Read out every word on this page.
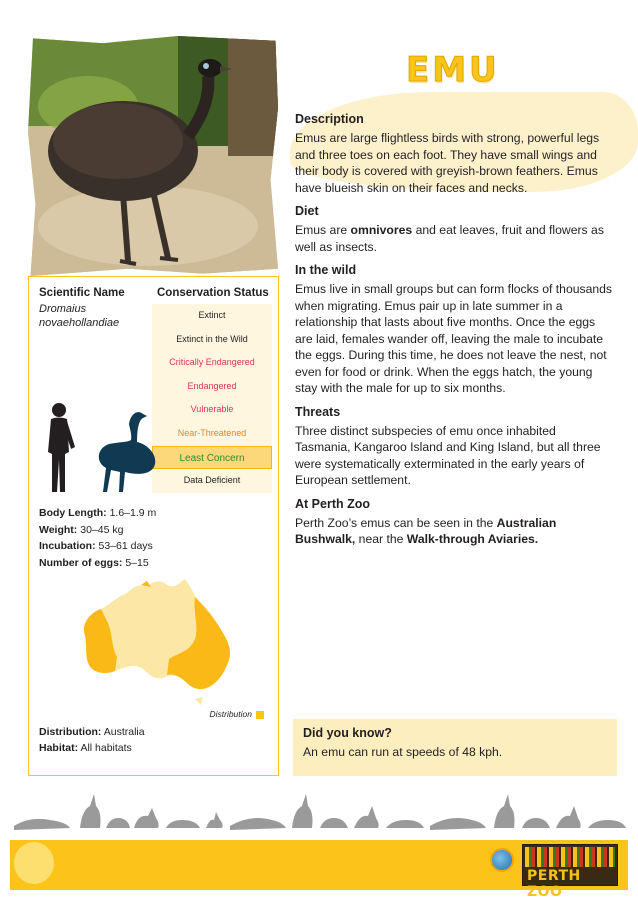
Scientific Name
Dromaius novaehollandiae
Conservation Status
Extinct
Extinct in the Wild
Critically Endangered
Endangered
Vulnerable
Near-Threatened
Least Concern
Data Deficient
Body Length: 1.6–1.9 m
Weight: 30–45 kg
Incubation: 53–61 days
Number of eggs: 5–15
Distribution
Distribution: Australia
Habitat: All habitats
EMU
Description
Emus are large flightless birds with strong, powerful legs and three toes on each foot. They have small wings and their body is covered with greyish-brown feathers. Emus have blueish skin on their faces and necks.
Diet
Emus are omnivores and eat leaves, fruit and flowers as well as insects.
In the wild
Emus live in small groups but can form flocks of thousands when migrating. Emus pair up in late summer in a relationship that lasts about five months. Once the eggs are laid, females wander off, leaving the male to incubate the eggs. During this time, he does not leave the nest, not even for food or drink. When the eggs hatch, the young stay with the male for up to six months.
Threats
Three distinct subspecies of emu once inhabited Tasmania, Kangaroo Island and King Island, but all three were systematically exterminated in the early years of European settlement.
At Perth Zoo
Perth Zoo’s emus can be seen in the Australian Bushwalk, near the Walk-through Aviaries.
Did you know?
An emu can run at speeds of 48 kph.
PERTH ZOO
